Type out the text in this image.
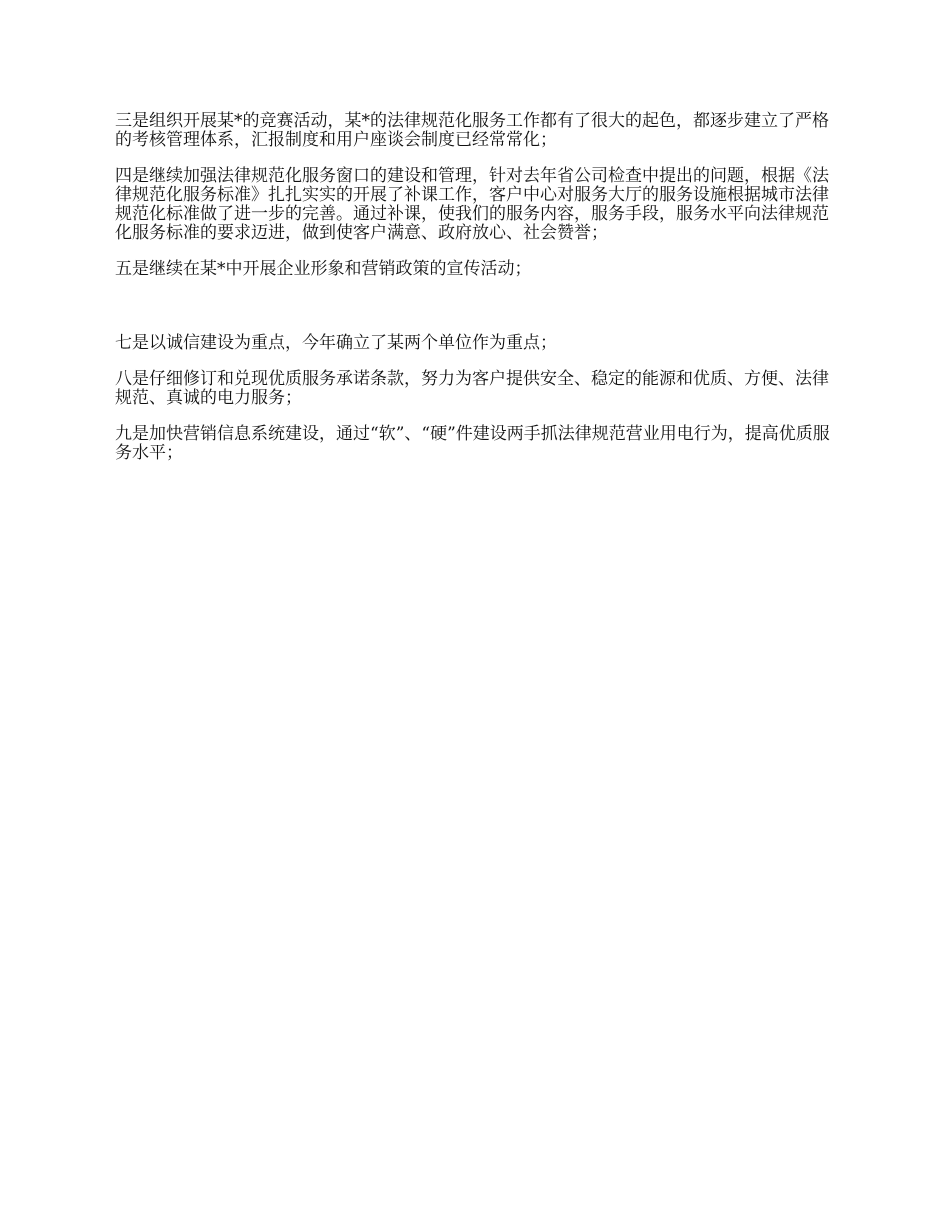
三是组织开展某*的竞赛活动，某*的法律规范化服务工作都有了很大的起色，都逐步建立了严格的考核管理体系，汇报制度和用户座谈会制度已经常常化；

四是继续加强法律规范化服务窗口的建设和管理，针对去年省公司检查中提出的问题，根据《法律规范化服务标准》扎扎实实的开展了补课工作，客户中心对服务大厅的服务设施根据城市法律规范化标准做了进一步的完善。通过补课，使我们的服务内容，服务手段，服务水平向法律规范化服务标准的要求迈进，做到使客户满意、政府放心、社会赞誉；

五是继续在某*中开展企业形象和营销政策的宣传活动；

七是以诚信建设为重点，今年确立了某两个单位作为重点；

八是仔细修订和兑现优质服务承诺条款，努力为客户提供安全、稳定的能源和优质、方便、法律规范、真诚的电力服务；

九是加快营销信息系统建设，通过“软”、“硬”件建设两手抓法律规范营业用电行为，提高优质服务水平；
